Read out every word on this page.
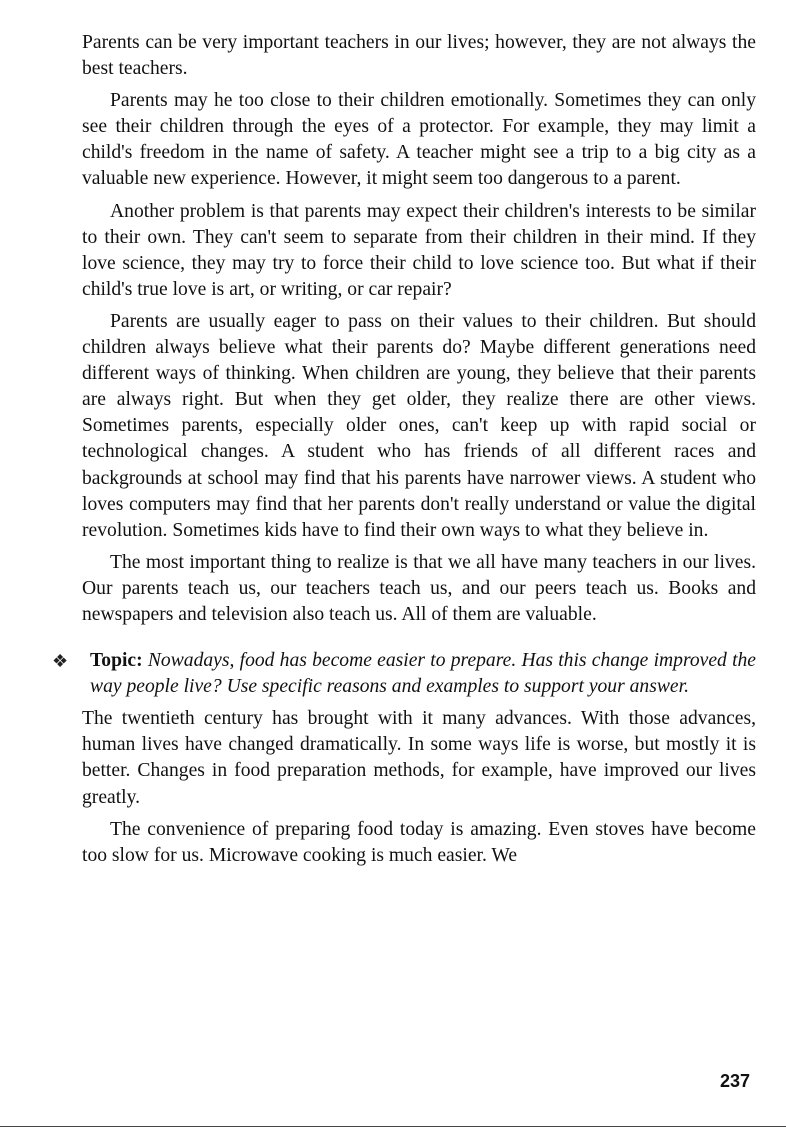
Parents can be very important teachers in our lives; however, they are not always the best teachers.

Parents may he too close to their children emotionally. Sometimes they can only see their children through the eyes of a protector. For example, they may limit a child's freedom in the name of safety. A teacher might see a trip to a big city as a valuable new experience. However, it might seem too dangerous to a parent.

Another problem is that parents may expect their children's interests to be similar to their own. They can't seem to separate from their children in their mind. If they love science, they may try to force their child to love science too. But what if their child's true love is art, or writing, or car repair?

Parents are usually eager to pass on their values to their children. But should children always believe what their parents do? Maybe different generations need different ways of thinking. When children are young, they believe that their parents are always right. But when they get older, they realize there are other views. Sometimes parents, especially older ones, can't keep up with rapid social or technological changes. A student who has friends of all different races and backgrounds at school may find that his parents have narrower views. A student who loves computers may find that her parents don't really understand or value the digital revolution. Sometimes kids have to find their own ways to what they believe in.

The most important thing to realize is that we all have many teachers in our lives. Our parents teach us, our teachers teach us, and our peers teach us. Books and newspapers and television also teach us. All of them are valuable.

❖ Topic: Nowadays, food has become easier to prepare. Has this change improved the way people live? Use specific reasons and examples to support your answer.

The twentieth century has brought with it many advances. With those advances, human lives have changed dramatically. In some ways life is worse, but mostly it is better. Changes in food preparation methods, for example, have improved our lives greatly.

The convenience of preparing food today is amazing. Even stoves have become too slow for us. Microwave cooking is much easier. We

237
